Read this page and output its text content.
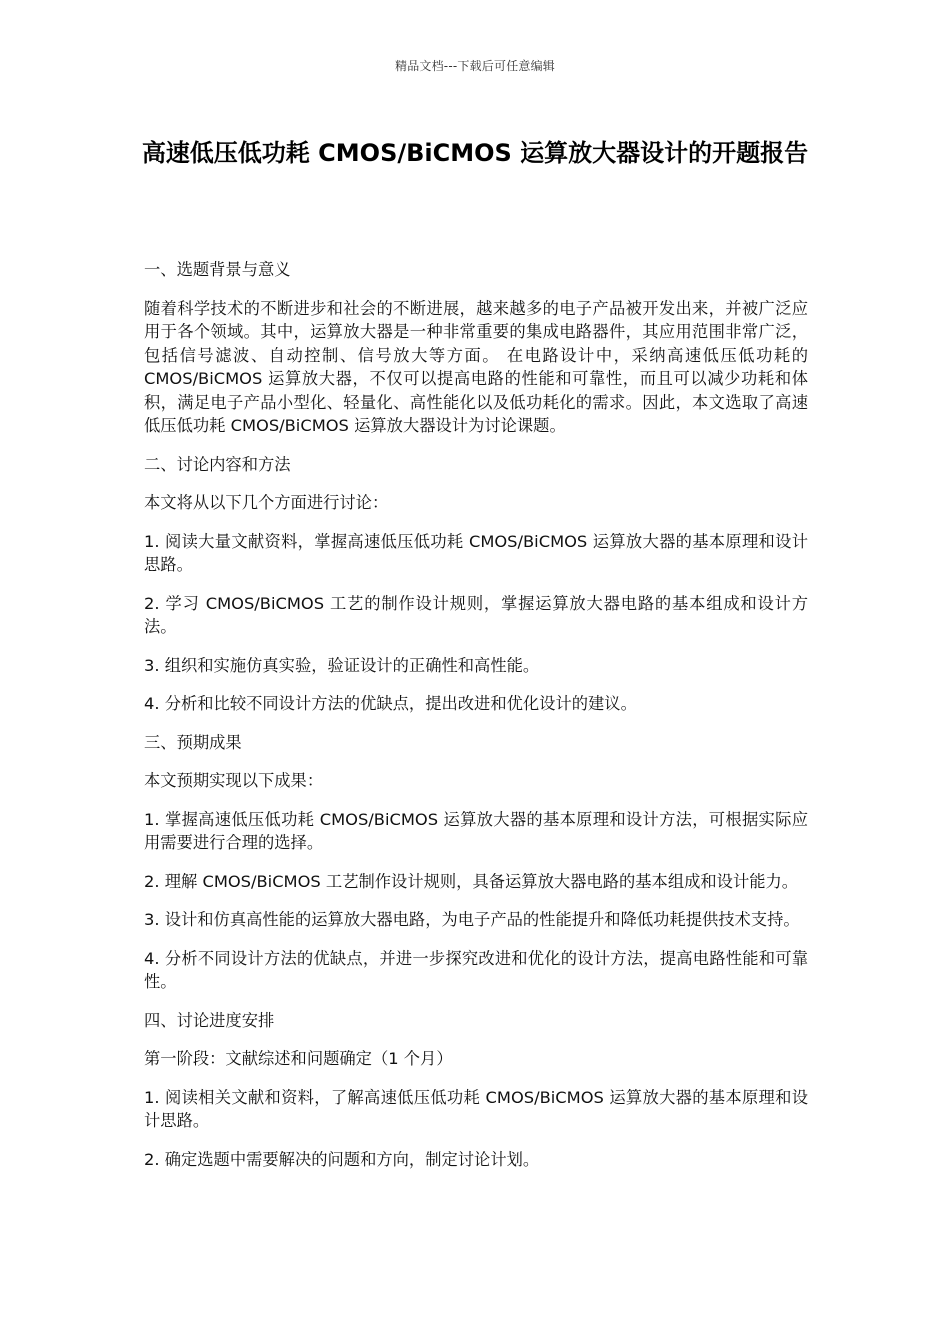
精品文档---下载后可任意编辑
高速低压低功耗 CMOS/BiCMOS 运算放大器设计的开题报告

一、选题背景与意义

随着科学技术的不断进步和社会的不断进展，越来越多的电子产品被开发出来，并被广泛应用于各个领域。其中，运算放大器是一种非常重要的集成电路器件，其应用范围非常广泛，包括信号滤波、自动控制、信号放大等方面。 在电路设计中，采纳高速低压低功耗的 CMOS/BiCMOS 运算放大器，不仅可以提高电路的性能和可靠性，而且可以减少功耗和体积，满足电子产品小型化、轻量化、高性能化以及低功耗化的需求。因此，本文选取了高速低压低功耗 CMOS/BiCMOS 运算放大器设计为讨论课题。

二、讨论内容和方法

本文将从以下几个方面进行讨论：

1. 阅读大量文献资料，掌握高速低压低功耗 CMOS/BiCMOS 运算放大器的基本原理和设计思路。

2. 学习 CMOS/BiCMOS 工艺的制作设计规则，掌握运算放大器电路的基本组成和设计方法。

3. 组织和实施仿真实验，验证设计的正确性和高性能。

4. 分析和比较不同设计方法的优缺点，提出改进和优化设计的建议。

三、预期成果

本文预期实现以下成果：

1. 掌握高速低压低功耗 CMOS/BiCMOS 运算放大器的基本原理和设计方法，可根据实际应用需要进行合理的选择。

2. 理解 CMOS/BiCMOS 工艺制作设计规则，具备运算放大器电路的基本组成和设计能力。

3. 设计和仿真高性能的运算放大器电路，为电子产品的性能提升和降低功耗提供技术支持。

4. 分析不同设计方法的优缺点，并进一步探究改进和优化的设计方法，提高电路性能和可靠性。

四、讨论进度安排

第一阶段：文献综述和问题确定（1 个月）

1. 阅读相关文献和资料，了解高速低压低功耗 CMOS/BiCMOS 运算放大器的基本原理和设计思路。

2. 确定选题中需要解决的问题和方向，制定讨论计划。
